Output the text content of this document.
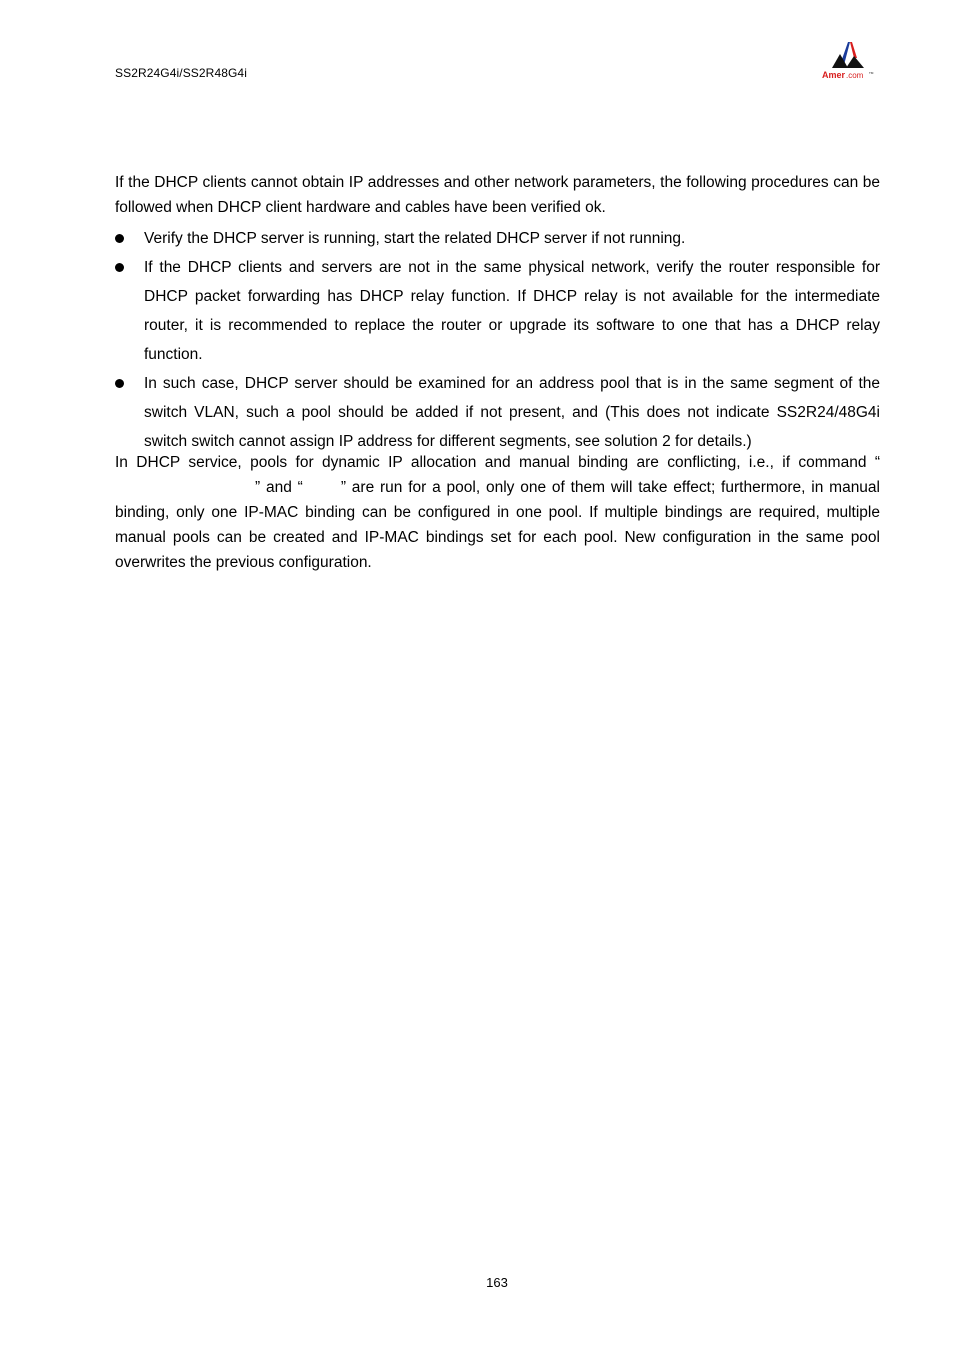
SS2R24G4i/SS2R48G4i	Amer .com TM

If the DHCP clients cannot obtain IP addresses and other network parameters, the following procedures can be followed when DHCP client hardware and cables have been verified ok.

Verify the DHCP server is running, start the related DHCP server if not running.
If the DHCP clients and servers are not in the same physical network, verify the router responsible for DHCP packet forwarding has DHCP relay function. If DHCP relay is not available for the intermediate router, it is recommended to replace the router or upgrade its software to one that has a DHCP relay function.
In such case, DHCP server should be examined for an address pool that is in the same segment of the switch VLAN, such a pool should be added if not present, and (This does not indicate SS2R24/48G4i switch switch cannot assign IP address for different segments, see solution 2 for details.)

In DHCP service, pools for dynamic IP allocation and manual binding are conflicting, i.e., if command “” and “ ” are run for a pool, only one of them will take effect; furthermore, in manual binding, only one IP-MAC binding can be configured in one pool. If multiple bindings are required, multiple manual pools can be created and IP-MAC bindings set for each pool. New configuration in the same pool overwrites the previous configuration.

163
